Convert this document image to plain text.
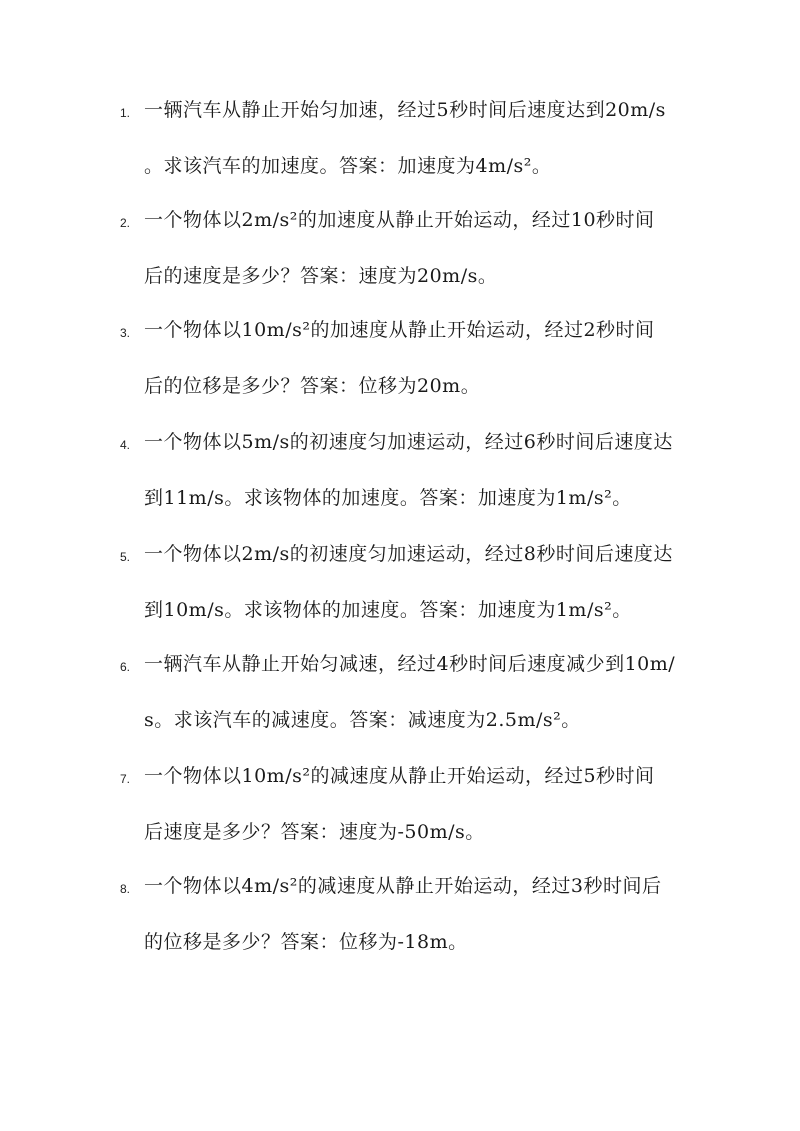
1. 一辆汽车从静止开始匀加速，经过5秒时间后速度达到20m/s
。求该汽车的加速度。答案：加速度为4m/s²。
2. 一个物体以2m/s²的加速度从静止开始运动，经过10秒时间
后的速度是多少？答案：速度为20m/s。
3. 一个物体以10m/s²的加速度从静止开始运动，经过2秒时间
后的位移是多少？答案：位移为20m。
4. 一个物体以5m/s的初速度匀加速运动，经过6秒时间后速度达
到11m/s。求该物体的加速度。答案：加速度为1m/s²。
5. 一个物体以2m/s的初速度匀加速运动，经过8秒时间后速度达
到10m/s。求该物体的加速度。答案：加速度为1m/s²。
6. 一辆汽车从静止开始匀减速，经过4秒时间后速度减少到10m/
s。求该汽车的减速度。答案：减速度为2.5m/s²。
7. 一个物体以10m/s²的减速度从静止开始运动，经过5秒时间
后速度是多少？答案：速度为-50m/s。
8. 一个物体以4m/s²的减速度从静止开始运动，经过3秒时间后
的位移是多少？答案：位移为-18m。
